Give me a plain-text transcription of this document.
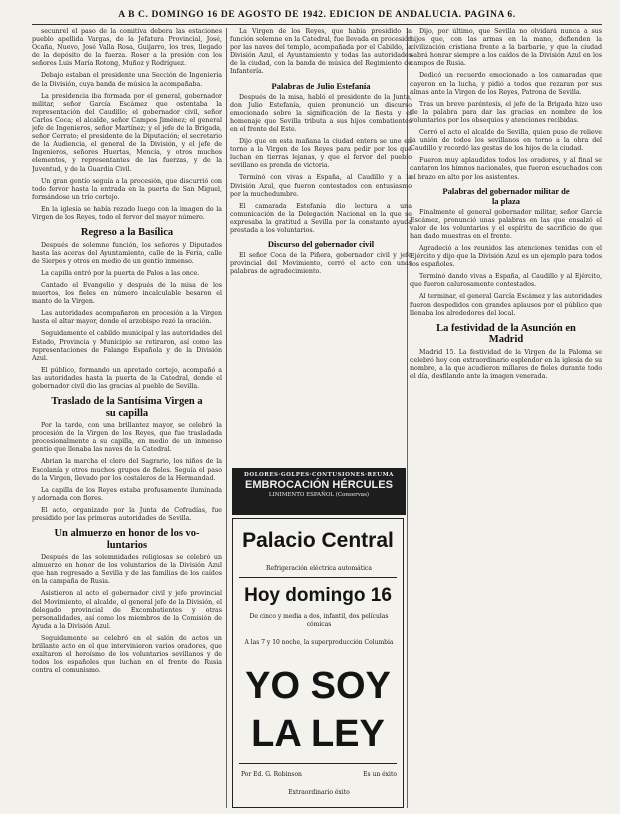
A B C. DOMINGO 16 DE AGOSTO DE 1942. EDICION DE ANDALUCIA. PAGINA 6.

secunrel el paso de la comitiva debera las estaciones pueblo apellida Vargas, de la Jefatura Provincial, José, Ocaña, Nuevo, José Valla Rosa, Guijarro, los tres, llegado de la depósito de la fuerza. Roser a la presión con los señores Luis María Rotong, Muñoz y Rodríguez.

Debajo estaban el presidente una Sección de Ingeniería de la División, cuya banda de música la acompañaba.

La presidencia iba formada por el general, gobernador militar, señor García Escámez que ostentaba la representación del Caudillo; el gobernador civil, señor Carlos Coca; el alcalde, señor Campos Jiménez; el general jefe de Ingenieros, señor Martínez; y el jefe de la Brigada, señor Cerrato; el presidente de la Diputación; el secretario de la Audiencia, el general de la División, y el jefe de Ingenieros, señores Huertas, Mencía, y otros muchos elementos, y representantes de las fuerzas, y de la Juventud, y de la Guardia Civil.

Un gran gentío seguía a la procesión, que discurrió con todo fervor hasta la entrada en la puerta de San Miguel, formándose un trío cortejo.

En la iglesia se había rezado luego con la imagen de la Virgen de los Reyes, todo el fervor del mayor número.

Regreso a la Basílica

Después de solemne función, los señores y Diputados hasta las aceras del Ayuntamiento, calle de la Feria, calle de Sierpes y otros en medio de un gentío inmenso.

La capilla entró por la puerta de Palos a las once.

Cantado el Evangelio y después de la misa de los muertos, los fieles en número incalculable besaron el manto de la Virgen.

Las autoridades acompañaron en procesión a la Virgen hasta el altar mayor, donde el arzobispo rezó la oración.

Seguidamente el cabildo municipal y las autoridades del Estado, Provincia y Municipio se retiraron, así como las representaciones de Falange Española y de la División Azul.

El público, formando un apretado cortejo, acompañó a las autoridades hasta la puerta de la Catedral, donde el gobernador civil dio las gracias al pueblo de Sevilla.

Traslado de la Santísima Virgen a
su capilla

Por la tarde, con una brillantez mayor, se celebró la procesión de la Virgen de los Reyes, que fue trasladada procesionalmente a su capilla, en medio de un inmenso gentío que llenaba las naves de la Catedral.

Abrían la marcha el clero del Sagrario, los niños de la Escolanía y otros muchos grupos de fieles. Seguía el paso de la Virgen, llevado por los costaleros de la Hermandad.

La capilla de los Reyes estaba profusamente iluminada y adornada con flores.

El acto, organizado por la Junta de Cofradías, fue presidido por las primeras autoridades de Sevilla.

Un almuerzo en honor de los vo-
luntarios

Después de las solemnidades religiosas se celebró un almuerzo en honor de los voluntarios de la División Azul que han regresado a Sevilla y de las familias de los caídos en la campaña de Rusia.

Asistieron al acto el gobernador civil y jefe provincial del Movimiento, el alcalde, el general jefe de la División, el delegado provincial de Excombatientes y otras personalidades, así como los miembros de la Comisión de Ayuda a la División Azul.

Seguidamente se celebró en el salón de actos un brillante acto en el que intervinieron varios oradores, que exaltaron el heroísmo de los voluntarios sevillanos y de todos los españoles que luchan en el frente de Rusia contra el comunismo.

La Virgen de los Reyes, que había presidido la función solemne en la Catedral, fue llevada en procesión por las naves del templo, acompañada por el Cabildo, la División Azul, el Ayuntamiento y todas las autoridades de la ciudad, con la banda de música del Regimiento de Infantería.

Palabras de Julio Estefanía

Después de la misa, habló el presidente de la Junta, don Julio Estefanía, quien pronunció un discurso emocionado sobre la significación de la fiesta y el homenaje que Sevilla tributa a sus hijos combatientes en el frente del Este.

Dijo que en esta mañana la ciudad entera se une en torno a la Virgen de los Reyes para pedir por los que luchan en tierras lejanas, y que el fervor del pueblo sevillano es prenda de victoria.

Terminó con vivas a España, al Caudillo y a la División Azul, que fueron contestados con entusiasmo por la muchedumbre.

El camarada Estefanía dio lectura a una comunicación de la Delegación Nacional en la que se expresaba la gratitud a Sevilla por la constante ayuda prestada a los voluntarios.

Discurso del gobernador civil

El señor Coca de la Piñera, gobernador civil y jefe provincial del Movimiento, cerró el acto con unas palabras de agradecimiento.

DOLORES·GOLPES·CONTUSIONES·REUMA
EMBROCACIÓN HÉRCULES
LINIMENTO ESPAÑOL (Conservas)
Palacio Central
Refrigeración eléctrica automática
Hoy domingo 16
De cinco y media a dos, infantil, dos películas cómicas
A las 7 y 10 noche, la superproducción Columbia
YO SOY
LA LEY
Por Ed. G. Robinson	Es un éxito
Extraordinario éxito

Dijo, por último, que Sevilla no olvidará nunca a sus hijos que, con las armas en la mano, defienden la civilización cristiana frente a la barbarie, y que la ciudad sabrá honrar siempre a los caídos de la División Azul en los campos de Rusia.

Dedicó un recuerdo emocionado a los camaradas que cayeron en la lucha, y pidió a todos que rezaran por sus almas ante la Virgen de los Reyes, Patrona de Sevilla.

Tras un breve paréntesis, el jefe de la Brigada hizo uso de la palabra para dar las gracias en nombre de los voluntarios por los obsequios y atenciones recibidas.

Cerró el acto el alcalde de Sevilla, quien puso de relieve la unión de todos los sevillanos en torno a la obra del Caudillo y recordó las gestas de los hijos de la ciudad.

Fueron muy aplaudidos todos los oradores, y al final se cantaron los himnos nacionales, que fueron escuchados con el brazo en alto por los asistentes.

Palabras del gobernador militar de
la plaza

Finalmente el general gobernador militar, señor García Escámez, pronunció unas palabras en las que ensalzó el valor de los voluntarios y el espíritu de sacrificio de que han dado muestras en el frente.

Agradeció a los reunidos las atenciones tenidas con el Ejército y dijo que la División Azul es un ejemplo para todos los españoles.

Terminó dando vivas a España, al Caudillo y al Ejército, que fueron calurosamente contestados.

Al terminar, el general García Escámez y las autoridades fueron despedidos con grandes aplausos por el público que llenaba los alrededores del local.

La festividad de la Asunción en
Madrid

Madrid 15. La festividad de la Virgen de la Paloma se celebró hoy con extraordinario esplendor en la iglesia de su nombre, a la que acudieron millares de fieles durante todo el día, desfilando ante la imagen venerada.
